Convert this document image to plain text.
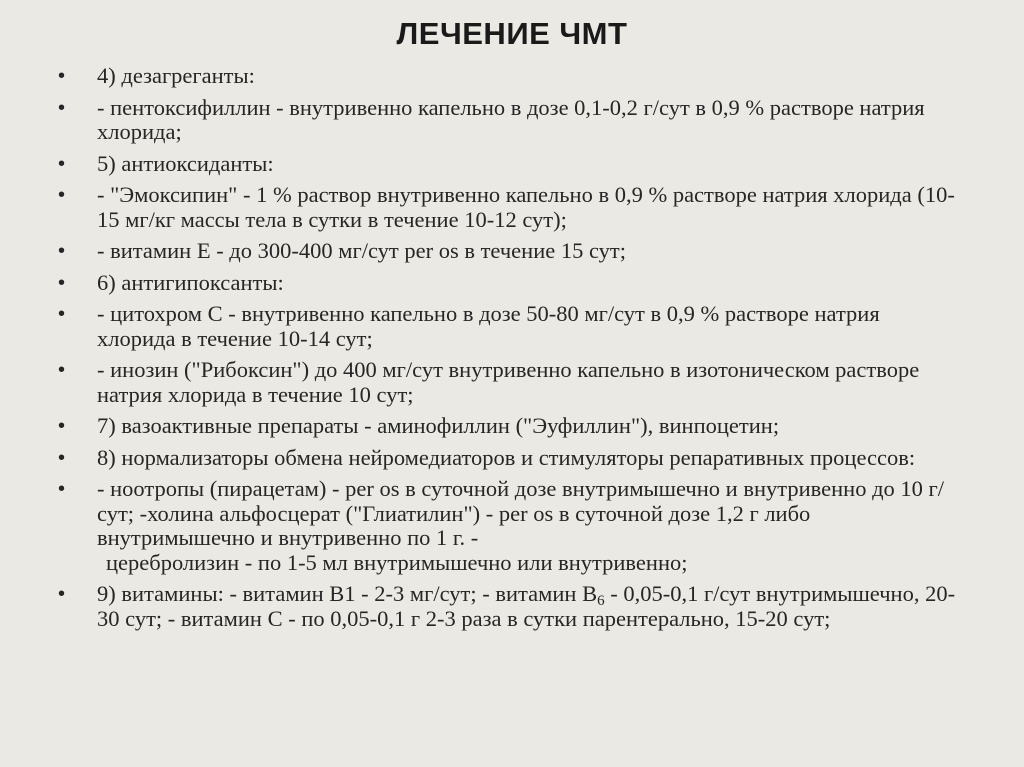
ЛЕЧЕНИЕ ЧМТ
• 4) дезагреганты:
• - пентоксифиллин - внутривенно капельно в дозе 0,1-0,2 г/сут в 0,9 % растворе натрия хлорида;
• 5) антиоксиданты:
• - "Эмоксипин" - 1 % раствор внутривенно капельно в 0,9 % растворе натрия хлорида (10-15 мг/кг массы тела в сутки в течение 10-12 сут);
• - витамин Е - до 300-400 мг/сут per os в течение 15 сут;
• 6) антигипоксанты:
• - цитохром С - внутривенно капельно в дозе 50-80 мг/сут в 0,9 % растворе натрия хлорида в течение 10-14 сут;
• - инозин ("Рибоксин") до 400 мг/сут внутривенно капельно в изотоническом растворе натрия хлорида в течение 10 сут;
• 7) вазоактивные препараты - аминофиллин ("Эуфиллин"), винпоцетин;
• 8) нормализаторы обмена нейромедиаторов и стимуляторы репаративных процессов:
• - ноотропы (пирацетам) - per os в суточной дозе внутримышечно и внутривенно до 10 г/сут; -холина альфосцерат ("Глиатилин") - per os в суточной дозе 1,2 г либо внутримышечно и внутривенно по 1 г. -
церебролизин - по 1-5 мл внутримышечно или внутривенно;
• 9) витамины: - витамин В1 - 2-3 мг/сут; - витамин $В_6 - 0,05-0,1$ г/сут внутримышечно, 20-30 сут; - витамин С - по 0,05-0,1 г 2-3 раза в сутки парентерально, 15-20 сут;
